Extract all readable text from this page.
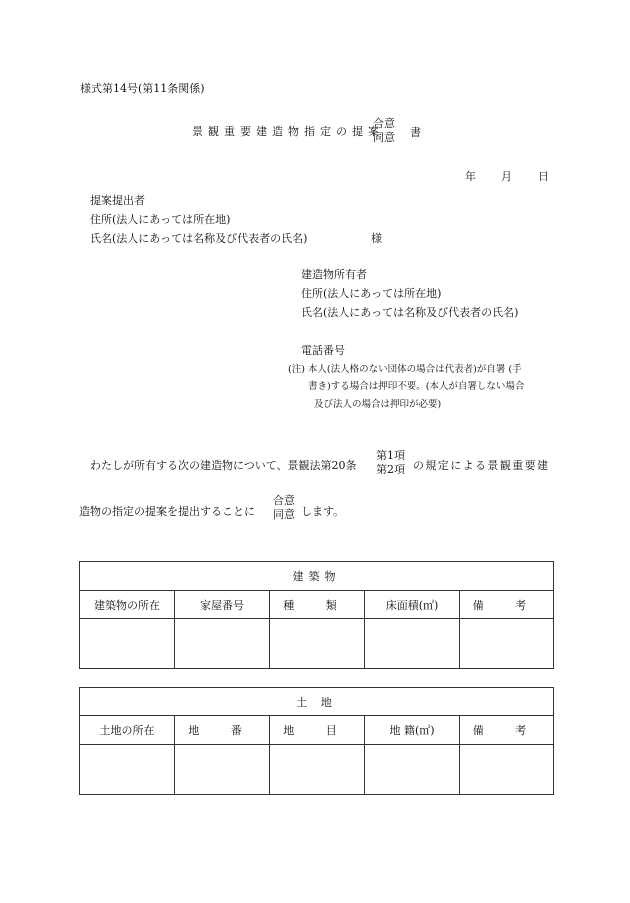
様式第14号(第11条関係)
景観重要建造物指定の提案
合意
同意 書
年 月 日
提案提出者
住所(法人にあっては所在地)
氏名(法人にあっては名称及び代表者の氏名)	様
建造物所有者
住所(法人にあっては所在地)
氏名(法人にあっては名称及び代表者の氏名)
電話番号
(注) 本人(法人格のない団体の場合は代表者)が自署 (手
書き)する場合は押印不要。(本人が自署しない場合
及び法人の場合は押印が必要)
わたしが所有する次の建造物について、景観法第20条
第1項
第2項 の規定による景観重要建
造物の指定の提案を提出することに
合意
同意 します。
建築物				
建築物の所在	家屋番号	種 類	床面積(㎡)	備 考

土 地				
土地の所在	地 番	地 目	地 籍(㎡)	備 考
